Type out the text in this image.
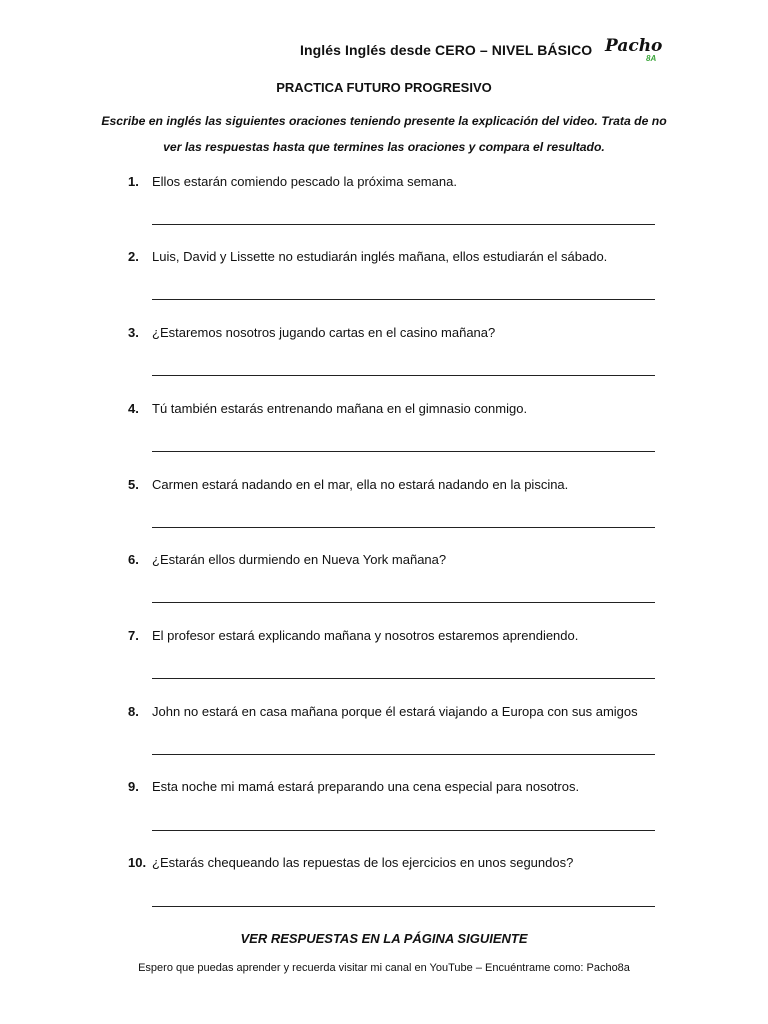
Inglés Inglés desde CERO – NIVEL BÁSICO Pacho
8A
PRACTICA FUTURO PROGRESIVO
Escribe en inglés las siguientes oraciones teniendo presente la explicación del video. Trata de no ver las respuestas hasta que termines las oraciones y compara el resultado.
1. Ellos estarán comiendo pescado la próxima semana.
2. Luis, David y Lissette no estudiarán inglés mañana, ellos estudiarán el sábado.
3. ¿Estaremos nosotros jugando cartas en el casino mañana?
4. Tú también estarás entrenando mañana en el gimnasio conmigo.
5. Carmen estará nadando en el mar, ella no estará nadando en la piscina.
6. ¿Estarán ellos durmiendo en Nueva York mañana?
7. El profesor estará explicando mañana y nosotros estaremos aprendiendo.
8. John no estará en casa mañana porque él estará viajando a Europa con sus amigos
9. Esta noche mi mamá estará preparando una cena especial para nosotros.
10. ¿Estarás chequeando las repuestas de los ejercicios en unos segundos?
VER RESPUESTAS EN LA PÁGINA SIGUIENTE
Espero que puedas aprender y recuerda visitar mi canal en YouTube – Encuéntrame como: Pacho8a
